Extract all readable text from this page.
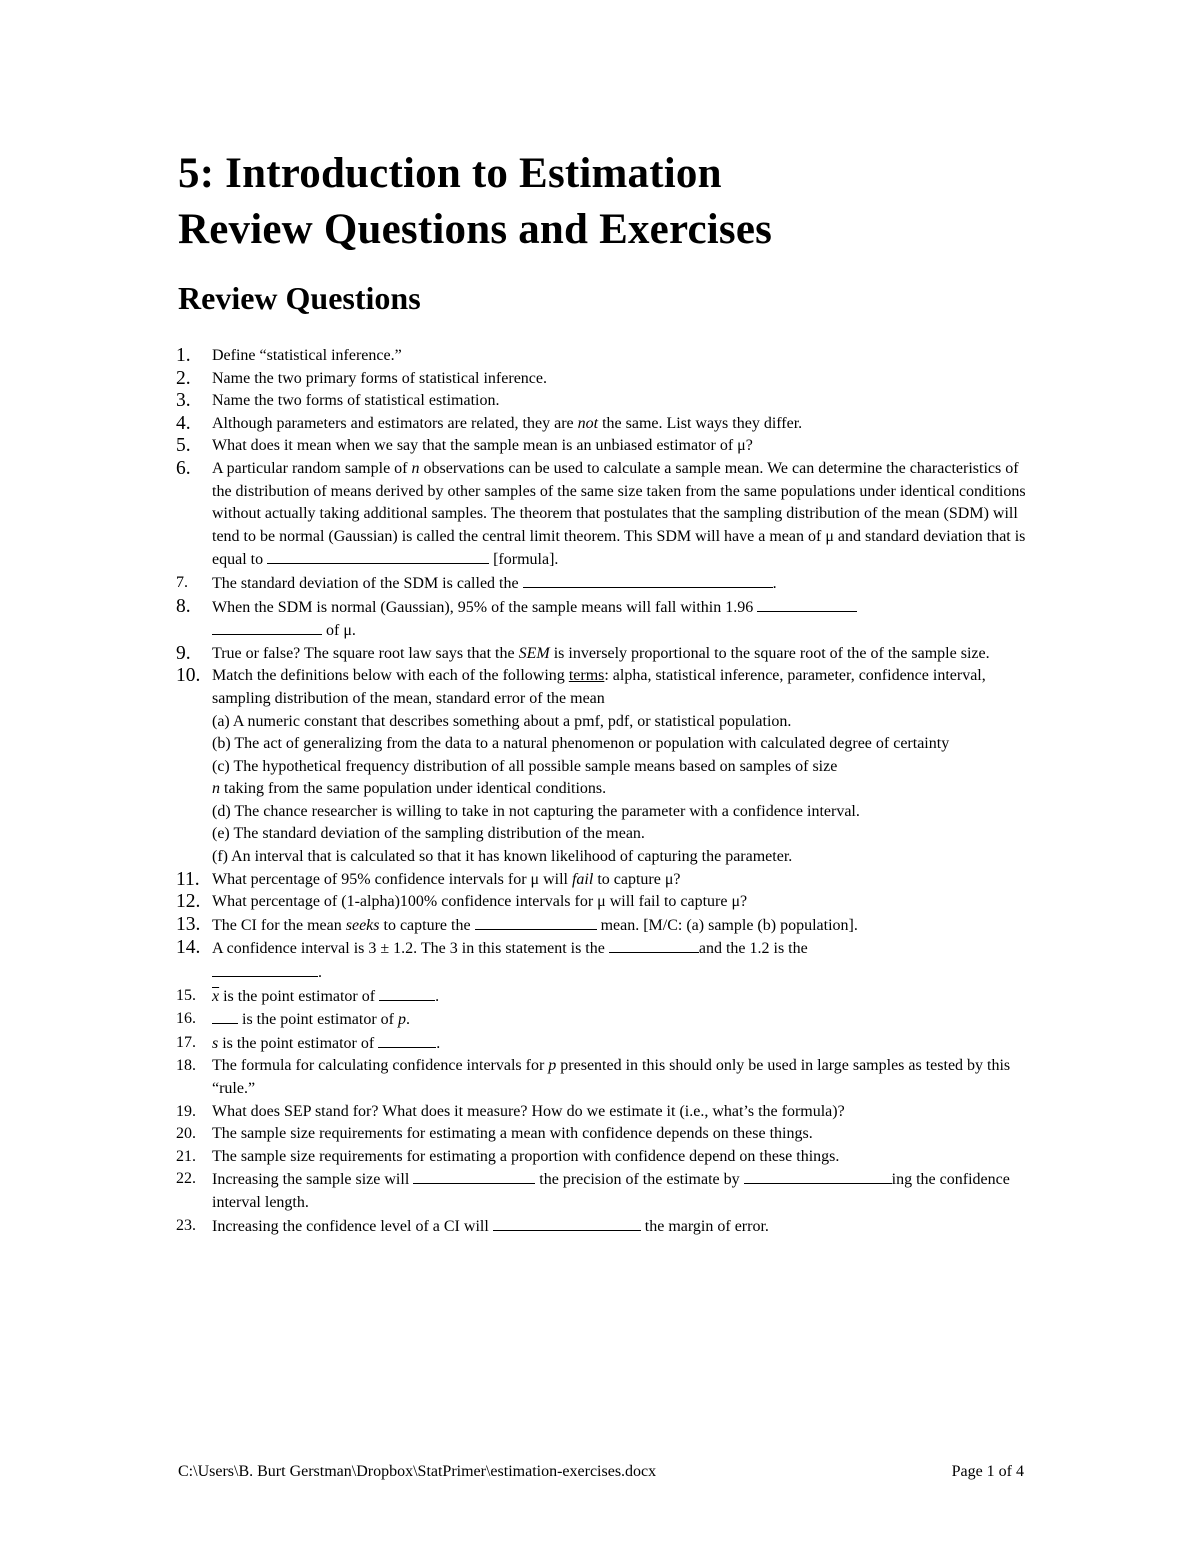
5: Introduction to Estimation
Review Questions and Exercises
Review Questions
1.	Define “statistical inference.”
2.	Name the two primary forms of statistical inference.
3.	Name the two forms of statistical estimation.
4.	Although parameters and estimators are related, they are not the same. List ways they differ.
5.	What does it mean when we say that the sample mean is an unbiased estimator of μ?
6.	A particular random sample of n observations can be used to calculate a sample mean. We can determine the characteristics of the distribution of means derived by other samples of the same size taken from the same populations under identical conditions without actually taking additional samples. The theorem that postulates that the sampling distribution of the mean (SDM) will tend to be normal (Gaussian) is called the central limit theorem. This SDM will have a mean of μ and standard deviation that is equal to	[formula].
7.	The standard deviation of the SDM is called the	.
8.	When the SDM is normal (Gaussian), 95% of the sample means will fall within 1.96
of μ.
9.	True or false? The square root law says that the SEM is inversely proportional to the square root of the of the sample size.
10. Match the definitions below with each of the following terms: alpha, statistical inference, parameter, confidence interval, sampling distribution of the mean, standard error of the mean
(a) A numeric constant that describes something about a pmf, pdf, or statistical population.
(b) The act of generalizing from the data to a natural phenomenon or population with calculated degree of certainty
(c) The hypothetical frequency distribution of all possible sample means based on samples of size
n taking from the same population under identical conditions.
(d) The chance researcher is willing to take in not capturing the parameter with a confidence interval.
(e) The standard deviation of the sampling distribution of the mean.
(f) An interval that is calculated so that it has known likelihood of capturing the parameter.
11. What percentage of 95% confidence intervals for μ will fail to capture μ?
12. What percentage of (1-alpha)100% confidence intervals for μ will fail to capture μ?
13. The CI for the mean seeks to capture the	mean. [M/C: (a) sample (b) population].
14. A confidence interval is 3 ± 1.2. The 3 in this statement is the	and the 1.2 is the
.
15.	$\overline{x}$ is the point estimator of	.
16.	is the point estimator of p.
17.	s is the point estimator of	.
18.	The formula for calculating confidence intervals for p presented in this should only be used in large samples as tested by this “rule.”
19.	What does SEP stand for? What does it measure? How do we estimate it (i.e., what’s the formula)?
20.	The sample size requirements for estimating a mean with confidence depends on these things.
21.	The sample size requirements for estimating a proportion with confidence depend on these things.
22.	Increasing the sample size will	the precision of the estimate by	ing the confidence interval length.
23.	Increasing the confidence level of a CI will	the margin of error.
C:\Users\B. Burt Gerstman\Dropbox\StatPrimer\estimation-exercises.docx	Page 1 of 4
